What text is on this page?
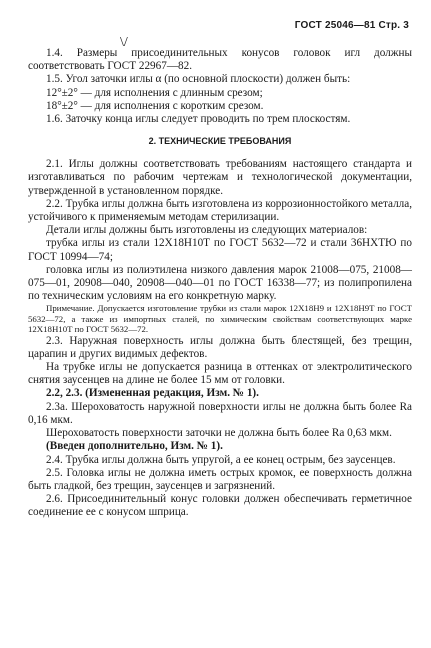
ГОСТ 25046—81 Стр. 3
\/

1.4. Размеры присоединительных конусов головок игл должны соответствовать ГОСТ 22967—82.

1.5. Угол заточки иглы α (по основной плоскости) должен быть:

12°±2° — для исполнения с длинным срезом;

18°±2° — для исполнения с коротким срезом.

1.6. Заточку конца иглы следует проводить по трем плоскостям.

2. ТЕХНИЧЕСКИЕ ТРЕБОВАНИЯ

2.1. Иглы должны соответствовать требованиям настоящего стандарта и изготавливаться по рабочим чертежам и технологической документации, утвержденной в установленном порядке.

2.2. Трубка иглы должна быть изготовлена из коррозионностойкого металла, устойчивого к применяемым методам стерилизации.

Детали иглы должны быть изготовлены из следующих материалов:

трубка иглы из стали 12Х18Н10Т по ГОСТ 5632—72 и стали 36НХТЮ по ГОСТ 10994—74;

головка иглы из полиэтилена низкого давления марок 21008—075, 21008—075—01, 20908—040, 20908—040—01 по ГОСТ 16338—77; из полипропилена по техническим условиям на его конкретную марку.

Примечание. Допускается изготовление трубки из стали марок 12Х18Н9 и 12Х18Н9Т по ГОСТ 5632—72, а также из импортных сталей, по химическим свойствам соответствующих марке 12Х18Н10Т по ГОСТ 5632—72.

2.3. Наружная поверхность иглы должна быть блестящей, без трещин, царапин и других видимых дефектов.

На трубке иглы не допускается разница в оттенках от электролитического снятия заусенцев на длине не более 15 мм от головки.

2.2, 2.3. (Измененная редакция, Изм. № 1).

2.3а. Шероховатость наружной поверхности иглы не должна быть более Ra 0,16 мкм.

Шероховатость поверхности заточки не должна быть более Ra 0,63 мкм.

(Введен дополнительно, Изм. № 1).

2.4. Трубка иглы должна быть упругой, а ее конец острым, без заусенцев.

2.5. Головка иглы не должна иметь острых кромок, ее поверхность должна быть гладкой, без трещин, заусенцев и загрязнений.

2.6. Присоединительный конус головки должен обеспечивать герметичное соединение ее с конусом шприца.
